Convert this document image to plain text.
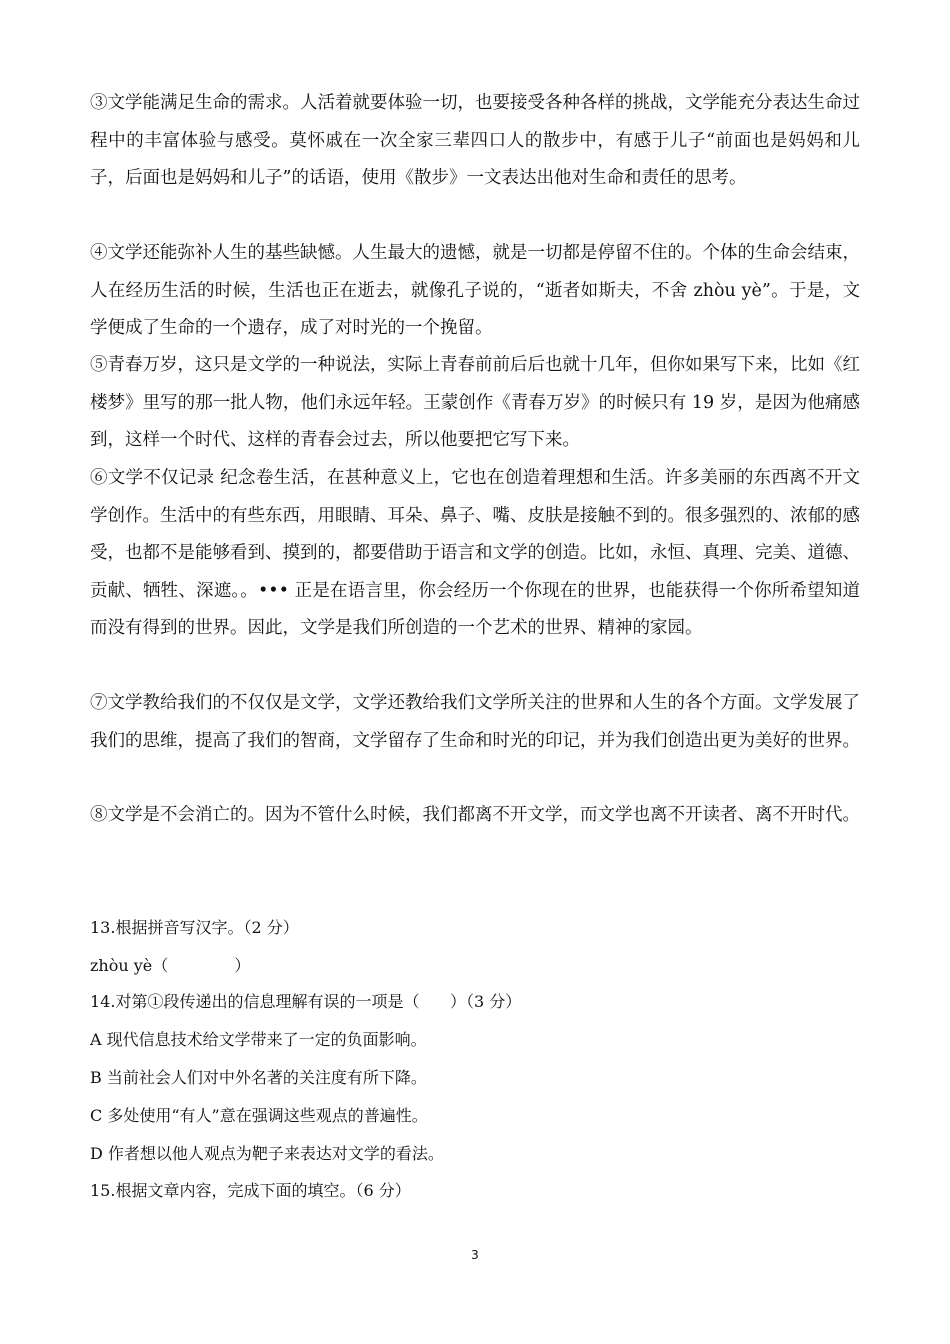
③文学能满足生命的需求。人活着就要体验一切，也要接受各种各样的挑战，文学能充分表达生命过程中的丰富体验与感受。莫怀戚在一次全家三辈四口人的散步中，有感于儿子“前面也是妈妈和儿子，后面也是妈妈和儿子”的话语，使用《散步》一文表达出他对生命和责任的思考。

④文学还能弥补人生的基些缺憾。人生最大的遗憾，就是一切都是停留不住的。个体的生命会结束，人在经历生活的时候，生活也正在逝去，就像孔子说的，“逝者如斯夫，不舍 zhòu yè”。于是，文学便成了生命的一个遗存，成了对时光的一个挽留。

⑤青春万岁，这只是文学的一种说法，实际上青春前前后后也就十几年，但你如果写下来，比如《红楼梦》里写的那一批人物，他们永远年轻。王蒙创作《青春万岁》的时候只有 19 岁，是因为他痛感到，这样一个时代、这样的青春会过去，所以他要把它写下来。

⑥文学不仅记录 纪念卷生活，在甚种意义上，它也在创造着理想和生活。许多美丽的东西离不开文学创作。生活中的有些东西，用眼睛、耳朵、鼻子、嘴、皮肤是接触不到的。很多强烈的、浓郁的感受，也都不是能够看到、摸到的，都要借助于语言和文学的创造。比如，永恒、真理、完美、道德、贡献、牺牲、深遮。。••• 正是在语言里，你会经历一个你现在的世界，也能获得一个你所希望知道而没有得到的世界。因此，文学是我们所创造的一个艺术的世界、精神的家园。

⑦文学教给我们的不仅仅是文学，文学还教给我们文学所关注的世界和人生的各个方面。文学发展了我们的思维，提高了我们的智商，文学留存了生命和时光的印记，并为我们创造出更为美好的世界。

⑧文学是不会消亡的。因为不管什么时候，我们都离不开文学，而文学也离不开读者、离不开时代。

13.根据拼音写汉字。（2 分）

zhòu yè（             ）

14.对第①段传递出的信息理解有误的一项是（      ）（3 分）

A 现代信息技术给文学带来了一定的负面影响。

B 当前社会人们对中外名著的关注度有所下降。

C 多处使用“有人”意在强调这些观点的普遍性。

D 作者想以他人观点为靶子来表达对文学的看法。

15.根据文章内容，完成下面的填空。（6 分）

3
